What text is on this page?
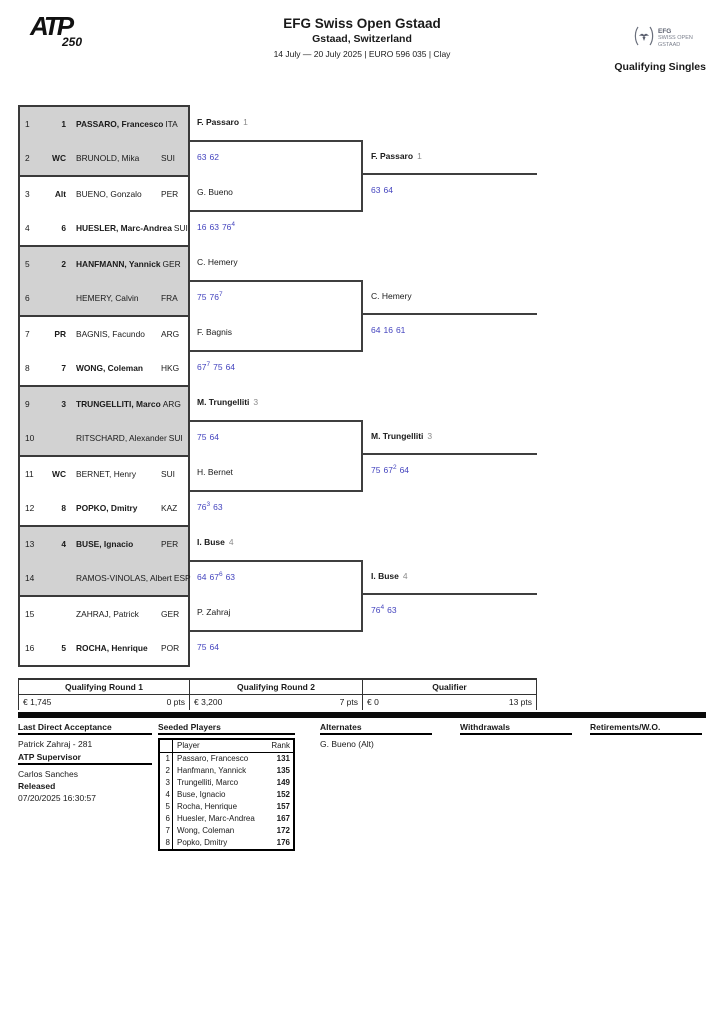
ATP
250
EFG Swiss Open Gstaad
Gstaad, Switzerland
14 July — 20 July 2025 | EURO 596 035 | Clay
EFG
SWISS OPEN
GSTAAD
Qualifying Singles
1	1	PASSARO, Francesco ITA
2	WC	BRUNOLD, Mika	SUI
3	Alt	BUENO, Gonzalo	PER
4	6	HUESLER, Marc-Andrea SUI
5	2	HANFMANN, Yannick GER
6	HEMERY, Calvin	FRA
7	PR	BAGNIS, Facundo	ARG
8	7	WONG, Coleman	HKG
9	3	TRUNGELLITI, Marco ARG
10	RITSCHARD, Alexander SUI
11	WC	BERNET, Henry	SUI
12	8	POPKO, Dmitry	KAZ
13	4	BUSE, Ignacio	PER
14	RAMOS-VINOLAS, Albert ESP
15	ZAHRAJ, Patrick	GER
16	5	ROCHA, Henrique	POR
F. Passaro 1
63 62
G. Bueno
16 63 $76^4$
C. Hemery
75 $76^7$
F. Bagnis
$67^7$ 75 64
M. Trungelliti 3
75 64
H. Bernet
$76^3$ 63
I. Buse 4
64 $67^6$ 63
P. Zahraj
75 64
F. Passaro 1
63 64
C. Hemery
64 16 61
M. Trungelliti 3
75 $67^2$ 64
I. Buse 4
$76^4$ 63
Qualifying Round 1
€ 1,745	0 pts
Qualifying Round 2
€ 3,200	7 pts
Qualifier
€ 0	13 pts
Last Direct Acceptance
Patrick Zahraj - 281
ATP Supervisor
Carlos Sanches
Released
07/20/2025 16:30:57
Seeded Players
Player	Rank
1 Passaro, Francesco	131
2 Hanfmann, Yannick	135
3 Trungelliti, Marco	149
4 Buse, Ignacio	152
5 Rocha, Henrique	157
6 Huesler, Marc-Andrea	167
7 Wong, Coleman	172
8 Popko, Dmitry	176
Alternates
G. Bueno (Alt)
Withdrawals	Retirements/W.O.
